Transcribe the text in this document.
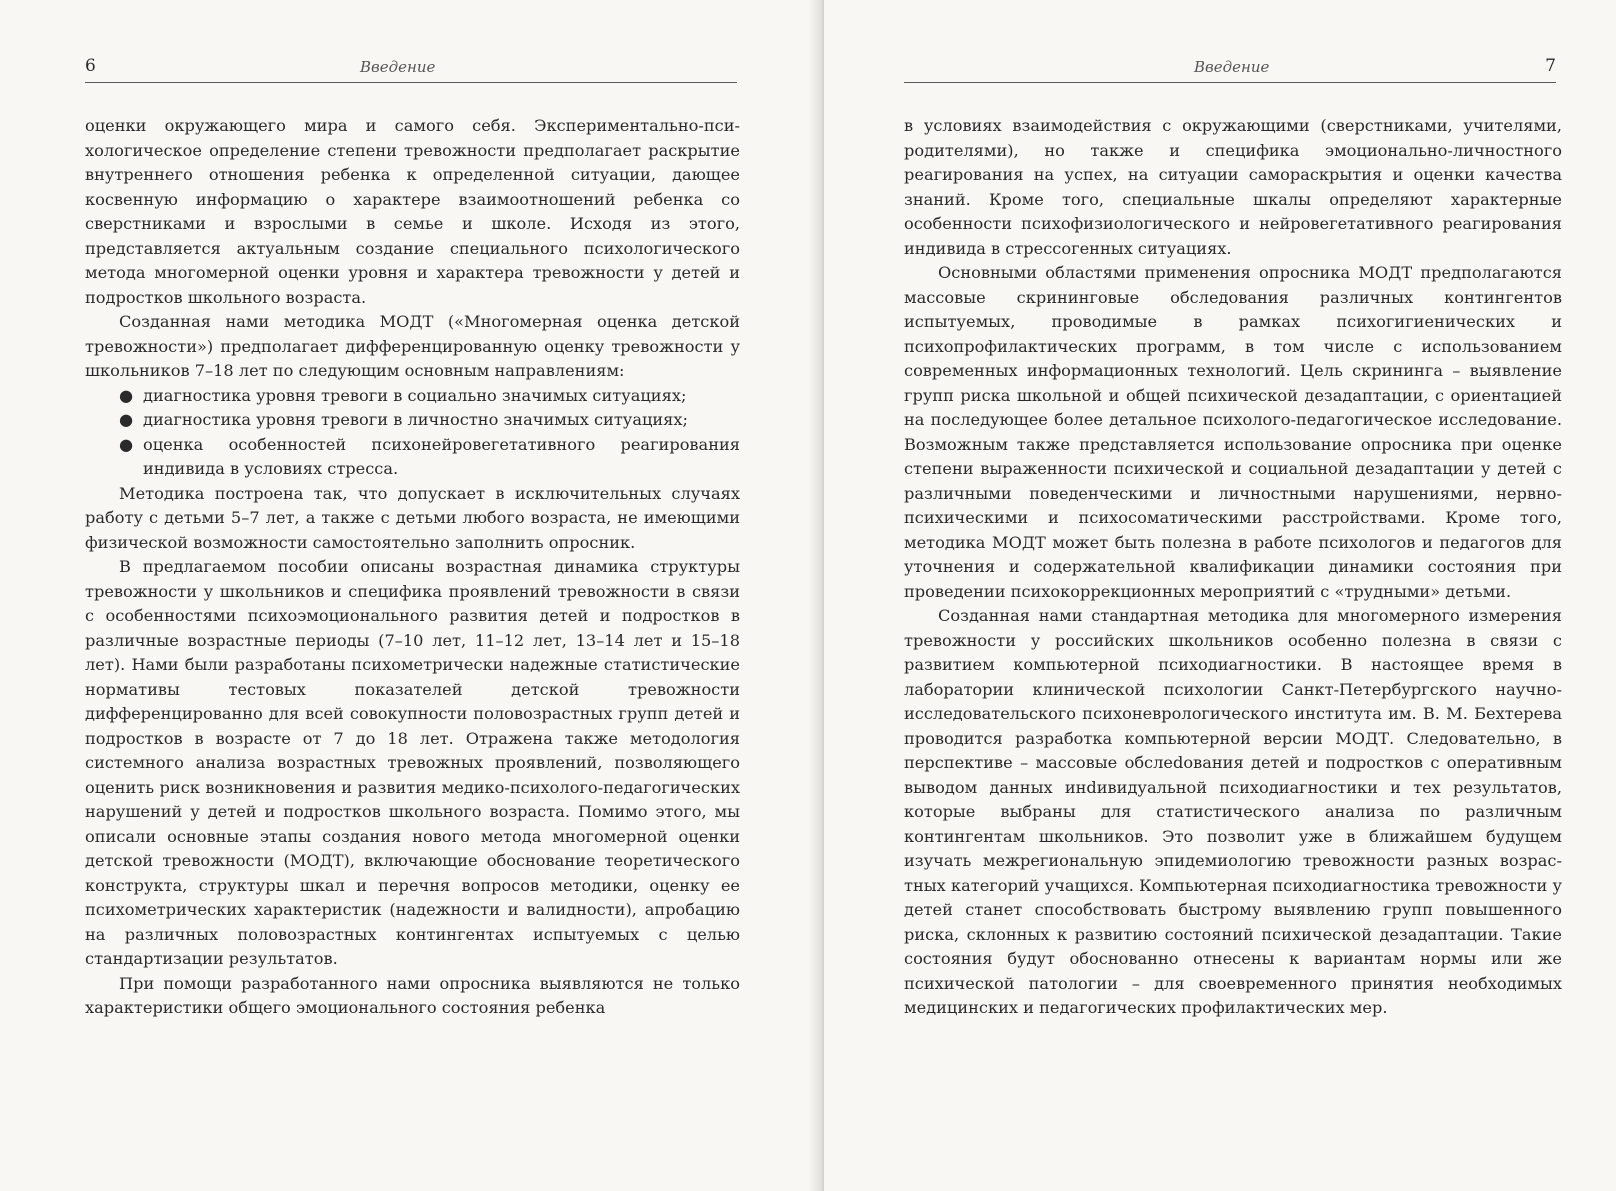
6	Введение

оценки окружающего мира и самого себя. Экспериментально-психологическое определение степени тревожности предполагает раскрытие внутреннего отношения ребенка к определенной ситуации, дающее косвенную информацию о характере взаимоотношений ребенка со сверстниками и взрослыми в семье и школе. Исходя из этого, представляется актуальным создание специального психологического метода многомерной оценки уровня и характера тревожности у детей и подростков школьного возраста.

Созданная нами методика МОДТ («Многомерная оценка детской тревожности») предполагает дифференцированную оценку тревожности у школьников 7–18 лет по следующим основным направлениям:

● диагностика уровня тревоги в социально значимых ситуациях;
● диагностика уровня тревоги в личностно значимых ситуациях;
● оценка особенностей психонейровегетативного реагирования индивида в условиях стресса.

Методика построена так, что допускает в исключительных случаях работу с детьми 5–7 лет, а также с детьми любого возраста, не имеющими физической возможности самостоятельно заполнить опросник.

В предлагаемом пособии описаны возрастная динамика структуры тревожности у школьников и специфика проявлений тревожности в связи с особенностями психоэмоционального развития детей и подростков в различные возрастные периоды (7–10 лет, 11–12 лет, 13–14 лет и 15–18 лет). Нами были разработаны психометрически надежные статистические нормативы тестовых показателей детской тревожности дифференцированно для всей совокупности половозрастных групп детей и подростков в возрасте от 7 до 18 лет. Отражена также методология системного анализа возрастных тревожных проявлений, позволяющего оценить риск возникновения и развития медико-психолого-педагогических нарушений у детей и подростков школьного возраста. Помимо этого, мы описали основные этапы создания нового метода многомерной оценки детской тревожности (МОДТ), включающие обоснование теоретического конструкта, структуры шкал и перечня вопросов методики, оценку ее психометрических характеристик (надежности и валидности), апробацию на различных половозрастных контингентах испытуемых с целью стандартизации результатов.

При помощи разработанного нами опросника выявляются не только характеристики общего эмоционального состояния ребенка

Введение	7

в условиях взаимодействия с окружающими (сверстниками, учителями, родителями), но также и специфика эмоционально-личностного реагирования на успех, на ситуации самораскрытия и оценки качества знаний. Кроме того, специальные шкалы определяют характерные особенности психофизиологического и нейровегетативного реагирования индивида в стрессогенных ситуациях.

Основными областями применения опросника МОДТ предполагаются массовые скрининговые обследования различных контингентов испытуемых, проводимые в рамках психогигиенических и психопрофилактических программ, в том числе с использованием современных информационных технологий. Цель скрининга – выявление групп риска школьной и общей психической дезадаптации, с ориентацией на последующее более детальное психолого-педагогическое исследование. Возможным также представляется использование опросника при оценке степени выраженности психической и социальной дезадаптации у детей с различными поведенческими и личностными нарушениями, нервно-психическими и психосоматическими расстройствами. Кроме того, методика МОДТ может быть полезна в работе психологов и педагогов для уточнения и содержательной квалификации динамики состояния при проведении психокоррекционных мероприятий с «трудными» детьми.

Созданная нами стандартная методика для многомерного измерения тревожности у российских школьников особенно полезна в связи с развитием компьютерной психодиагностики. В настоящее время в лаборатории клинической психологии Санкт-Петербургского научно-исследовательского психоневрологического института им. В. М. Бехтерева проводится разработка компьютерной версии МОДТ. Следовательно, в перспективе – массовые обслеdования детей и подростков с оперативным выводом данных инdивидуальной психодиагностики и тех результатов, которые выбраны для статистического анализа по различным контингентам школьников. Это позволит уже в ближайшем будущем изучать межрегиональную эпидемиологию тревожности разных возрастных категорий учащихся. Компьютерная психодиагностика тревожности у детей станет способствовать быстрому выявлению групп повышенного риска, склонных к развитию состояний психической дезадаптации. Такие состояния будут обоснованно отнесены к вариантам нормы или же психической патологии – для своевременного принятия необходимых медицинских и педагогических профилактических мер.
